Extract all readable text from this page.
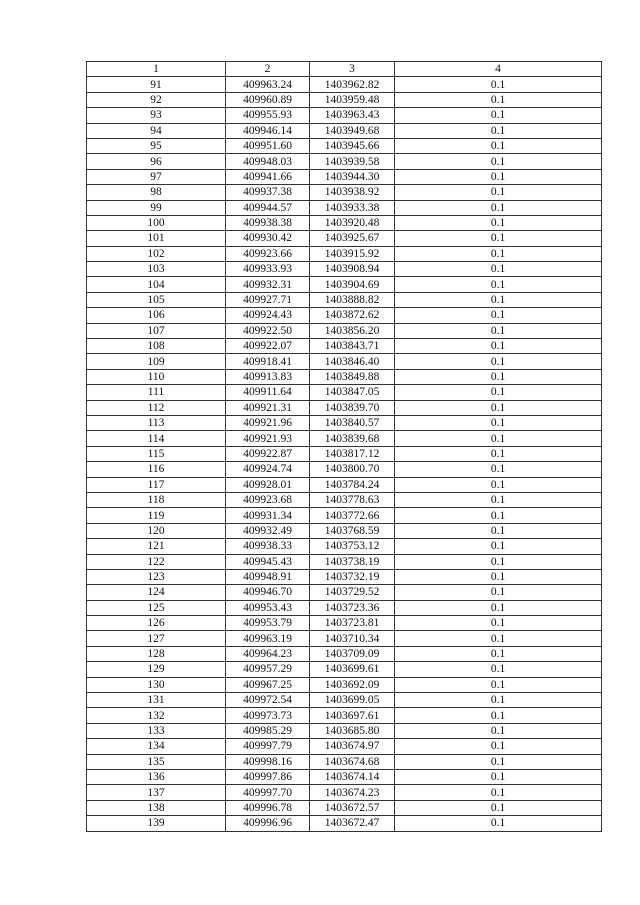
1	2	3	4
91	409963.24	1403962.82	0.1
92	409960.89	1403959.48	0.1
93	409955.93	1403963.43	0.1
94	409946.14	1403949.68	0.1
95	409951.60	1403945.66	0.1
96	409948.03	1403939.58	0.1
97	409941.66	1403944.30	0.1
98	409937.38	1403938.92	0.1
99	409944.57	1403933.38	0.1
100	409938.38	1403920.48	0.1
101	409930.42	1403925.67	0.1
102	409923.66	1403915.92	0.1
103	409933.93	1403908.94	0.1
104	409932.31	1403904.69	0.1
105	409927.71	1403888.82	0.1
106	409924.43	1403872.62	0.1
107	409922.50	1403856.20	0.1
108	409922.07	1403843.71	0.1
109	409918.41	1403846.40	0.1
110	409913.83	1403849.88	0.1
111	409911.64	1403847.05	0.1
112	409921.31	1403839.70	0.1
113	409921.96	1403840.57	0.1
114	409921.93	1403839.68	0.1
115	409922.87	1403817.12	0.1
116	409924.74	1403800.70	0.1
117	409928.01	1403784.24	0.1
118	409923.68	1403778.63	0.1
119	409931.34	1403772.66	0.1
120	409932.49	1403768.59	0.1
121	409938.33	1403753.12	0.1
122	409945.43	1403738.19	0.1
123	409948.91	1403732.19	0.1
124	409946.70	1403729.52	0.1
125	409953.43	1403723.36	0.1
126	409953.79	1403723.81	0.1
127	409963.19	1403710.34	0.1
128	409964.23	1403709.09	0.1
129	409957.29	1403699.61	0.1
130	409967.25	1403692.09	0.1
131	409972.54	1403699.05	0.1
132	409973.73	1403697.61	0.1
133	409985.29	1403685.80	0.1
134	409997.79	1403674.97	0.1
135	409998.16	1403674.68	0.1
136	409997.86	1403674.14	0.1
137	409997.70	1403674.23	0.1
138	409996.78	1403672.57	0.1
139	409996.96	1403672.47	0.1
